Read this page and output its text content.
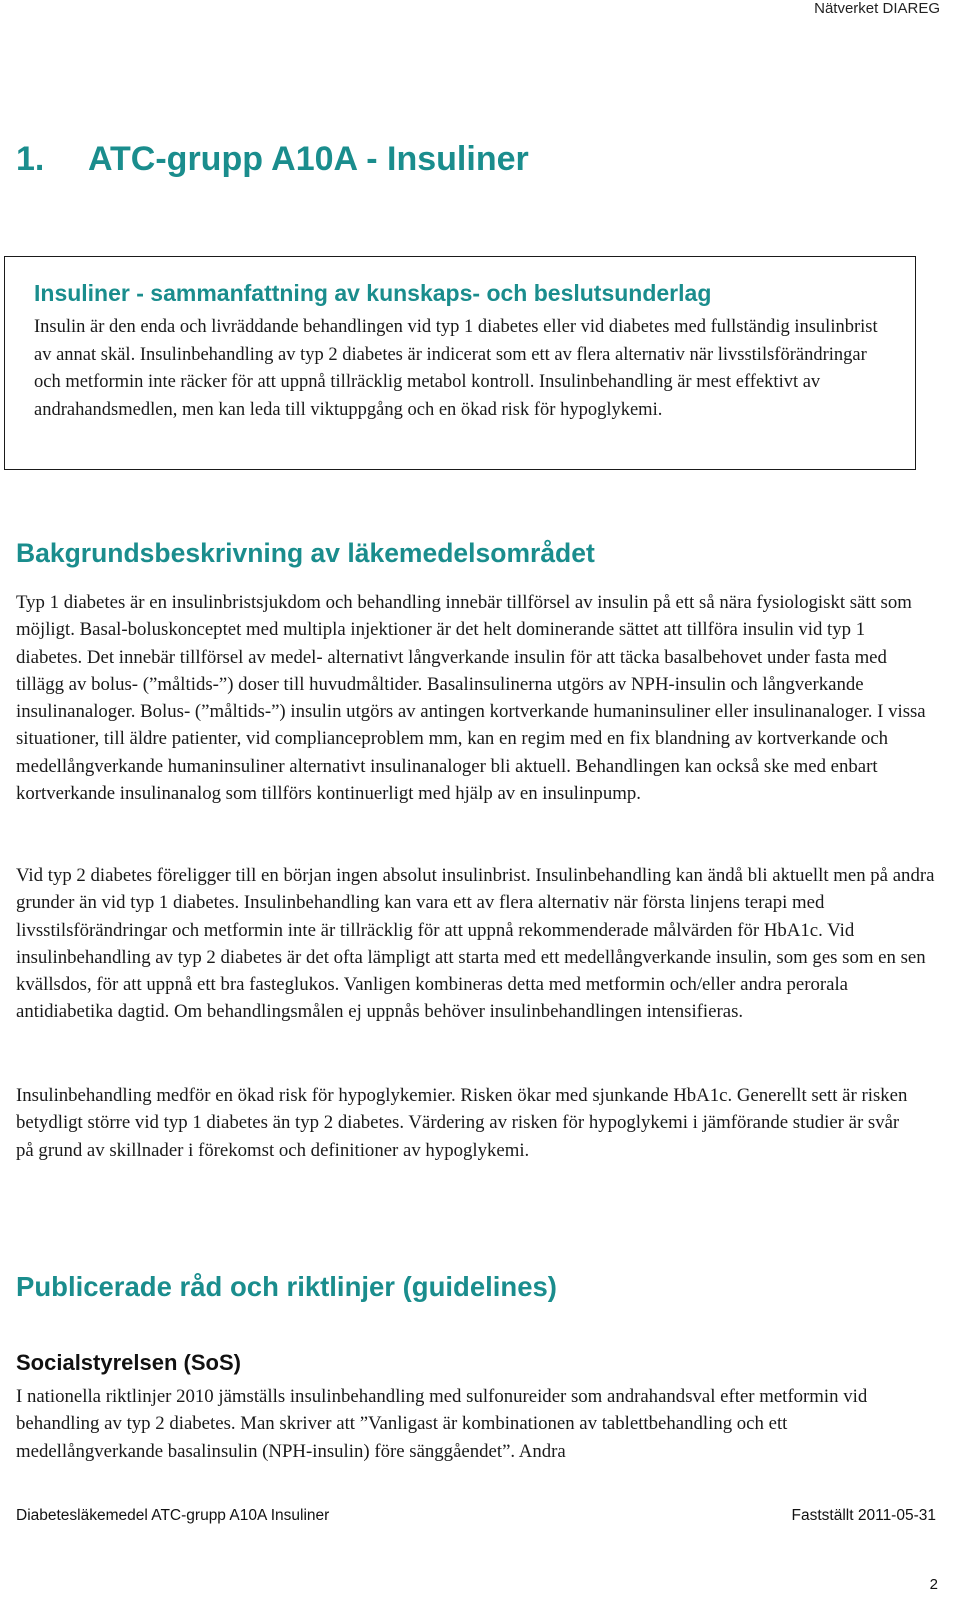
Nätverket DIAREG
1. ATC-grupp A10A - Insuliner
Insuliner - sammanfattning av kunskaps- och beslutsunderlag

Insulin är den enda och livräddande behandlingen vid typ 1 diabetes eller vid diabetes med fullständig insulinbrist av annat skäl. Insulinbehandling av typ 2 diabetes är indicerat som ett av flera alternativ när livsstilsförändringar och metformin inte räcker för att uppnå tillräcklig metabol kontroll. Insulinbehandling är mest effektivt av andrahandsmedlen, men kan leda till viktuppgång och en ökad risk för hypoglykemi.

Bakgrundsbeskrivning av läkemedelsområdet

Typ 1 diabetes är en insulinbristsjukdom och behandling innebär tillförsel av insulin på ett så nära fysiologiskt sätt som möjligt. Basal-boluskonceptet med multipla injektioner är det helt dominerande sättet att tillföra insulin vid typ 1 diabetes. Det innebär tillförsel av medel- alternativt långverkande insulin för att täcka basalbehovet under fasta med tillägg av bolus- (”måltids-”) doser till huvudmåltider. Basalinsulinerna utgörs av NPH-insulin och långverkande insulinanaloger. Bolus- (”måltids-”) insulin utgörs av antingen kortverkande humaninsuliner eller insulinanaloger. I vissa situationer, till äldre patienter, vid complianceproblem mm, kan en regim med en fix blandning av kortverkande och medellångverkande humaninsuliner alternativt insulinanaloger bli aktuell. Behandlingen kan också ske med enbart kortverkande insulinanalog som tillförs kontinuerligt med hjälp av en insulinpump.

Vid typ 2 diabetes föreligger till en början ingen absolut insulinbrist. Insulinbehandling kan ändå bli aktuellt men på andra grunder än vid typ 1 diabetes. Insulinbehandling kan vara ett av flera alternativ när första linjens terapi med livsstilsförändringar och metformin inte är tillräcklig för att uppnå rekommenderade målvärden för HbA1c. Vid insulinbehandling av typ 2 diabetes är det ofta lämpligt att starta med ett medellångverkande insulin, som ges som en sen kvällsdos, för att uppnå ett bra fasteglukos. Vanligen kombineras detta med metformin och/eller andra perorala antidiabetika dagtid. Om behandlingsmålen ej uppnås behöver insulinbehandlingen intensifieras.

Insulinbehandling medför en ökad risk för hypoglykemier. Risken ökar med sjunkande HbA1c. Generellt sett är risken betydligt större vid typ 1 diabetes än typ 2 diabetes. Värdering av risken för hypoglykemi i jämförande studier är svår på grund av skillnader i förekomst och definitioner av hypoglykemi.

Publicerade råd och riktlinjer (guidelines)
Socialstyrelsen (SoS)

I nationella riktlinjer 2010 jämställs insulinbehandling med sulfonureider som andrahandsval efter metformin vid behandling av typ 2 diabetes. Man skriver att ”Vanligast är kombinationen av tablettbehandling och ett medellångverkande basalinsulin (NPH-insulin) före sänggåendet”. Andra

Diabetesläkemedel ATC-grupp A10A Insuliner	Fastställt 2011-05-31
2
